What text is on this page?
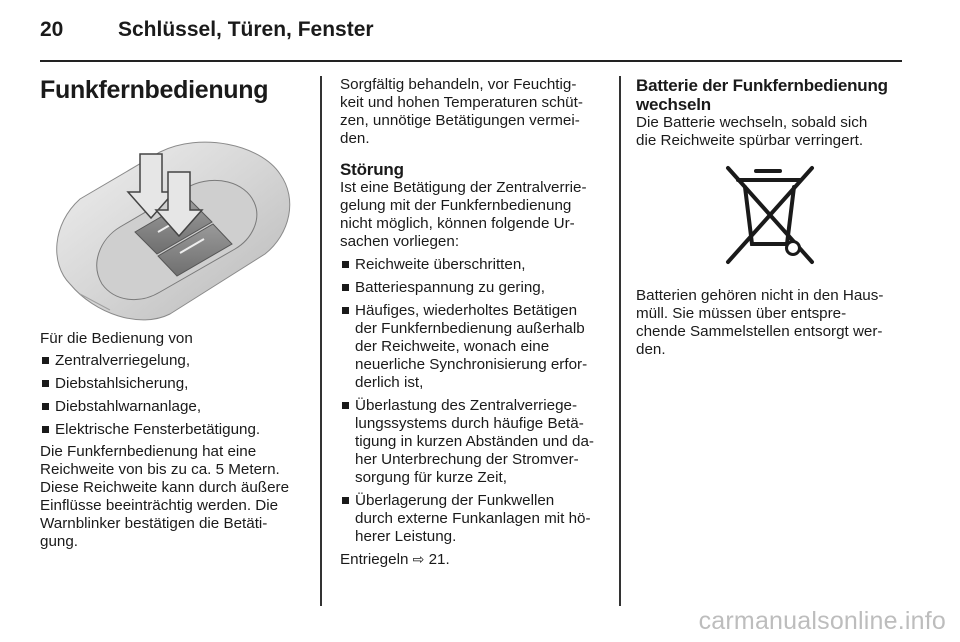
20	Schlüssel, Türen, Fenster
Funkfernbedienung

Für die Bedienung von

Zentralverriegelung,
Diebstahlsicherung,
Diebstahlwarnanlage,
Elektrische Fensterbetätigung.

Die Funkfernbedienung hat eine
Reichweite von bis zu ca. 5 Metern.
Diese Reichweite kann durch äußere
Einflüsse beeinträchtig werden. Die
Warnblinker bestätigen die Betäti-
gung.

Sorgfältig behandeln, vor Feuchtig-
keit und hohen Temperaturen schüt-
zen, unnötige Betätigungen vermei-
den.

Störung

Ist eine Betätigung der Zentralverrie-
gelung mit der Funkfernbedienung
nicht möglich, können folgende Ur-
sachen vorliegen:

Reichweite überschritten,
Batteriespannung zu gering,
Häufiges, wiederholtes Betätigen
der Funkfernbedienung außerhalb
der Reichweite, wonach eine
neuerliche Synchronisierung erfor-
derlich ist,
Überlastung des Zentralverriege-
lungssystems durch häufige Betä-
tigung in kurzen Abständen und da-
her Unterbrechung der Stromver-
sorgung für kurze Zeit,
Überlagerung der Funkwellen
durch externe Funkanlagen mit hö-
herer Leistung.

Entriegeln ⇨ 21.

Batterie der Funkfernbedienung
wechseln

Die Batterie wechseln, sobald sich
die Reichweite spürbar verringert.

Batterien gehören nicht in den Haus-
müll. Sie müssen über entspre-
chende Sammelstellen entsorgt wer-
den.

carmanualsonline.info
